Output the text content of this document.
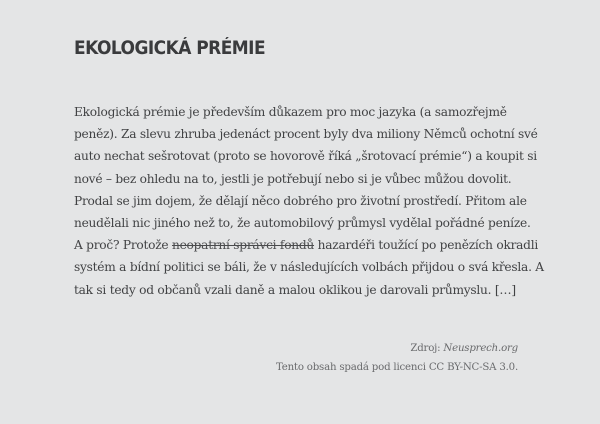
EKOLOGICKÁ PRÉMIE

Ekologická prémie je především důkazem pro moc jazyka (a samozřejmě
peněz). Za slevu zhruba jedenáct procent byly dva miliony Němců ochotní své
auto nechat sešrotovat (proto se hovorově říká „šrotovací prémie“) a koupit si
nové – bez ohledu na to, jestli je potřebují nebo si je vůbec můžou dovolit.
Prodal se jim dojem, že dělají něco dobrého pro životní prostředí. Přitom ale
neudělali nic jiného než to, že automobilový průmysl vydělal pořádné peníze.
A proč? Protože neopatrní správci fondů hazardéři toužící po penězích okradli
systém a bídní politici se báli, že v následujících volbách přijdou o svá křesla. A
tak si tedy od občanů vzali daně a malou oklikou je darovali průmyslu. […]

Zdroj: Neusprech.org
Tento obsah spadá pod licenci CC BY-NC-SA 3.0.
